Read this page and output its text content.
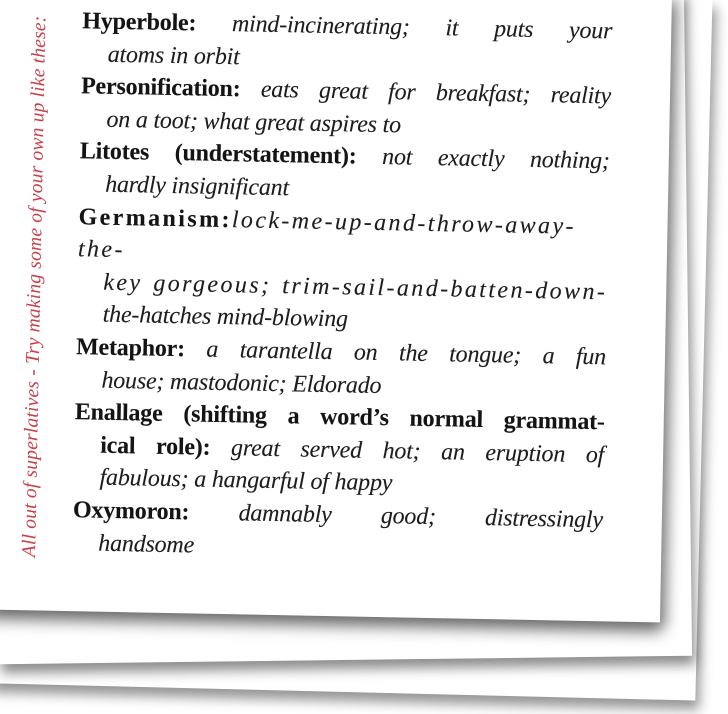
All out of superlatives - Try making some of your own up like these: Hyperbole: mind-incinerating; it puts your
atoms in orbit
Personification: eats great for breakfast; reality
on a toot; what great aspires to
Litotes (understatement): not exactly nothing;
hardly insignificant
Germanism:lock-me-up-and-throw-away-the-
key gorgeous; trim-sail-and-batten-down-
the-hatches mind-blowing
Metaphor: a tarantella on the tongue; a fun
house; mastodonic; Eldorado
Enallage (shifting a word’s normal grammat-
ical role): great served hot; an eruption of
fabulous; a hangarful of happy
Oxymoron: damnably good; distressingly
handsome
